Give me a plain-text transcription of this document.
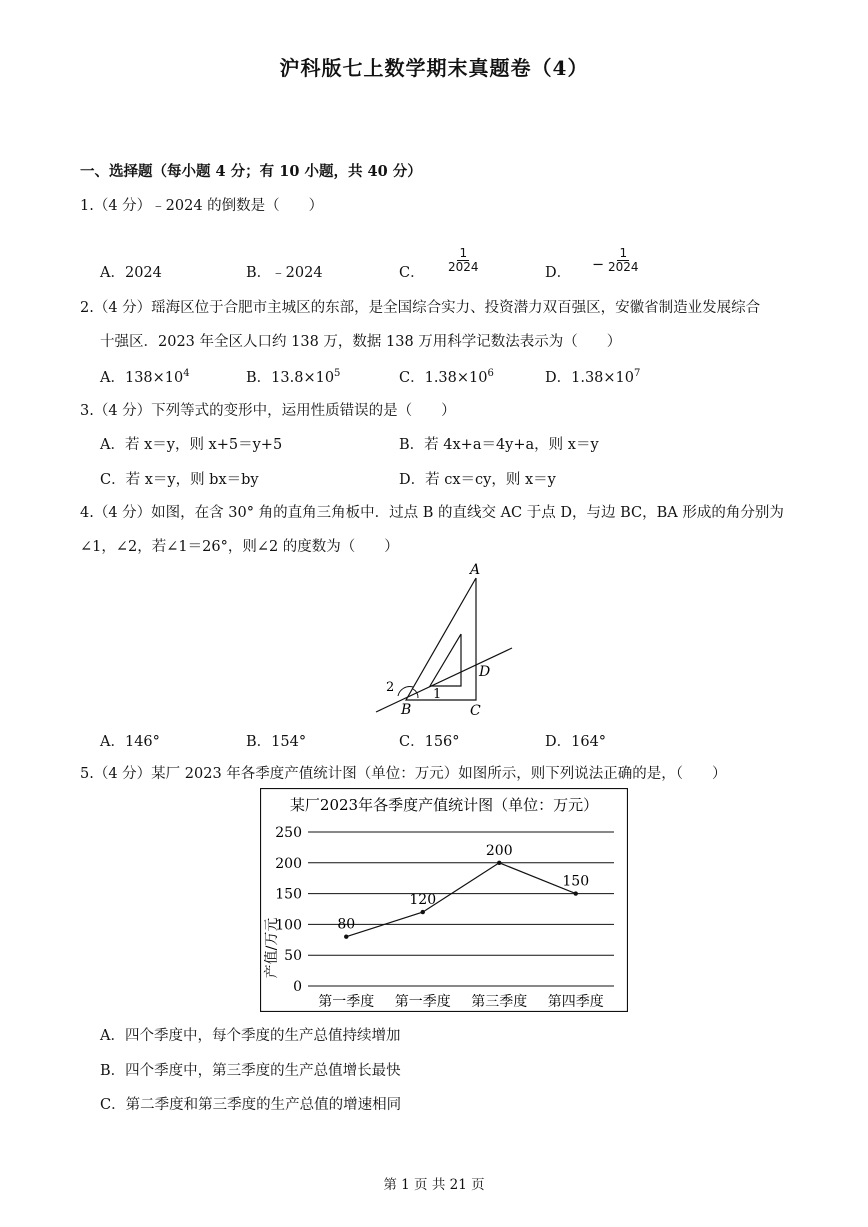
沪科版七上数学期末真题卷（4）
一、选择题（每小题 4 分；有 10 小题，共 40 分）
1.（4 分）﹣2024 的倒数是（　　）
A．2024	B．﹣2024	C． $\frac{1}{2024}$	D． − $\frac{1}{2024}$
2.（4 分）瑶海区位于合肥市主城区的东部，是全国综合实力、投资潜力双百强区，安徽省制造业发展综合
十强区．2023 年全区人口约 138 万，数据 138 万用科学记数法表示为（　　）
A．$138\times 10^4$	B．$13.8\times 10^5$	C．$1.38\times 10^6$	D．$1.38\times 10^7$
3.（4 分）下列等式的变形中，运用性质错误的是（　　）
A．若 x＝y，则 x+5＝y+5	B．若 4x+a＝4y+a，则 x＝y
C．若 x＝y，则 bx＝by	D．若 cx＝cy，则 x＝y
4.（4 分）如图，在含 30° 角的直角三角板中．过点 B 的直线交 AC 于点 D，与边 BC，BA 形成的角分别为
∠1，∠2，若∠1＝26°，则∠2 的度数为（　　）
A
B	C
D
1
2
A．146°	B．154°	C．156°	D．164°
5.（4 分）某厂 2023 年各季度产值统计图（单位：万元）如图所示，则下列说法正确的是，（　　）
某厂2023年各季度产值统计图（单位：万元）
产值/万元
250
200
150
100
50
0
第一季度 第一季度 第三季度 第四季度
80
120
200
150
A．四个季度中，每个季度的生产总值持续增加
B．四个季度中，第三季度的生产总值增长最快
C．第二季度和第三季度的生产总值的增速相同
第 1 页 共 21 页
